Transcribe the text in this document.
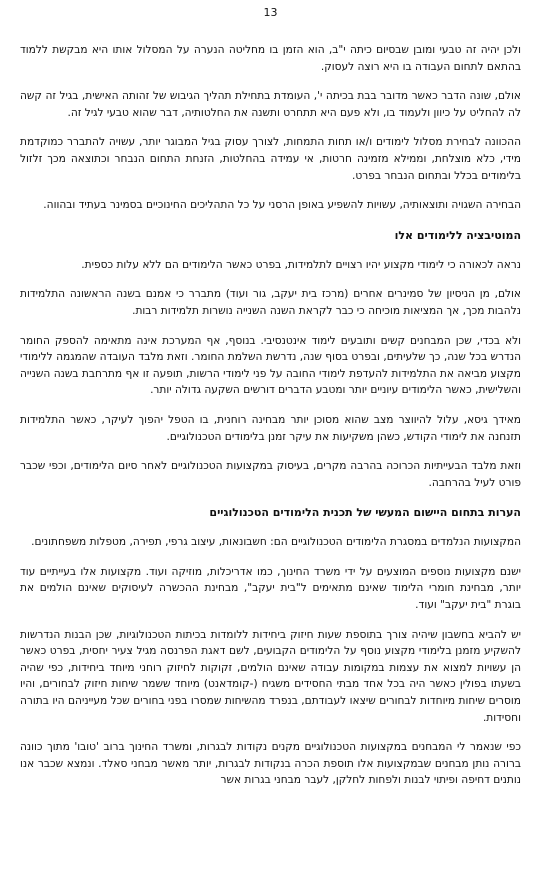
13

ולכן יהיה זה טבעי ומובן שבסיום כיתה י"ב, הוא הזמן בו מחליטה הנערה על המסלול אותו היא מבקשת ללמוד בהתאם לתחום העבודה בו היא רוצה לעסוק.

אולם, שונה הדבר כאשר מדובר בבת בכיתה י', העומדת בתחילת תהליך הגיבוש של זהותה האישית, בגיל זה קשה לה להחליט על כיוון ולעמוד בו, ולא פעם היא תתחרט ותשנה את החלטותיה, דבר שהוא טבעי לגיל זה.

ההכוונה לבחירת מסלול לימודים ו/או תחות התמחות, לצורך עסוק בגיל המבוגר יותר, עשויה להתברר כמוקדמת מידי, כלא מוצלחת, וממילא מזמינה חרטות, אי עמידה בהחלטות, הזנחת התחום הנבחר וכתוצאה מכך זלזול בלימודים בכלל ובתחום הנבחר בפרט.

הבחירה השגויה ותוצאותיה, עשויות להשפיע באופן הרסני על כל התהליכים החינוכיים בסמינר בעתיד ובהווה.

המוטיבציה ללימודים אלו

נראה לכאורה כי לימודי מקצוע יהיו רצויים לתלמידות, בפרט כאשר הלימודים הם ללא עלות כספית.

אולם, מן הניסיון של סמינרים אחרים (מרכז בית יעקב, גור ועוד) מתברר כי אמנם בשנה הראשונה התלמידות נלהבות מכך, אך המציאות מוכיחה כי כבר לקראת השנה השנייה נושרות תלמידות רבות.

ולא בכדי, שכן המבחנים קשים ותובעים לימוד אינטנסיבי. בנוסף, אף המערכת אינה מתאימה להספק החומר הנדרש בכל שנה, כך שלעיתים, ובפרט בסוף שנה, נדרשת השלמת החומר. וזאת מלבד העובדה שהמגמה ללימודי מקצוע מביאה את התלמידות להעדפת לימודי החובה על פני לימודי הרשות, תופעה זו אף מתרחבת בשנה השנייה והשלישית, כאשר הלימודים עיוניים יותר ומטבע הדברים דורשים השקעה גדולה יותר.

מאידך גיסא, עלול להיווצר מצב שהוא מסוכן יותר מבחינה רוחנית, בו הטפל יהפוך לעיקר, כאשר התלמידות תזנחנה את לימודי הקודש, כשהן משקיעות את עיקר זמנן בלימודים הטכנולוגיים.

וזאת מלבד הבעייתיות הכרוכה בהרבה מקרים, בעיסוק במקצועות הטכנולוגיים לאחר סיום הלימודים, וכפי שכבר פורט לעיל בהרחבה.

הערות בתחום היישום המעשי של תכנית הלימודים הטכנולוגיים

המקצועות הנלמדים במסגרת הלימודים הטכנולוגיים הם: חשבונאות, עיצוב גרפי, תפירה, מטפלות משפחתונים.

ישנם מקצועות נוספים המוצעים על ידי משרד החינוך, כמו אדריכלות, מוזיקה ועוד. מקצועות אלו בעייתיים עוד יותר, מבחינת חומרי הלימוד שאינם מתאימים ל"בית יעקב", מבחינת ההכשרה לעיסוקים שאינם הולמים את בוגרת "בית יעקב" ועוד.

יש להביא בחשבון שיהיה צורך בתוספת שעות חיזוק ביחידות ללומדות בכיתות הטכנולוגיות, שכן הבנות הנדרשות להשקיע מזמנן בלימודי מקצוע נוסף על הלימודים הקבועים, לשם דאגת הפרנסה מגיל צעיר יחסית, בפרט כאשר הן עשויות למצוא את עצמות במקומות עבודה שאינם הולמים, זקוקות לחיזוק רוחני מיוחד ביחידות, כפי שהיה בשעתו בפולין כאשר היה בכל אחד מבתי החסידים משגיח (-קומדאנט) מיוחד ששמר שיחות חיזוק לבחורים, והיו מוסרים שיחות מיוחדות לבחורים שיצאו לעבודתם, בנפרד מהשיחות שמסרו בפני בחורים שכל מעייניהם היו בתורה וחסידות.

כפי שנאמר לי המבחנים במקצועות הטכנולוגיים מקנים נקודות לבגרות, ומשרד החינוך ברוב 'טובו' מתוך כוונה ברורה נותן מבחנים שבמקצועות אלו תוספת הכרה בנקודות לבגרות, יותר מאשר מבחני סאלד. ונמצא שכבר אנו נותנים דחיפה ופיתוי לבנות ולפחות לחלקן, לעבר מבחני בגרות אשר
